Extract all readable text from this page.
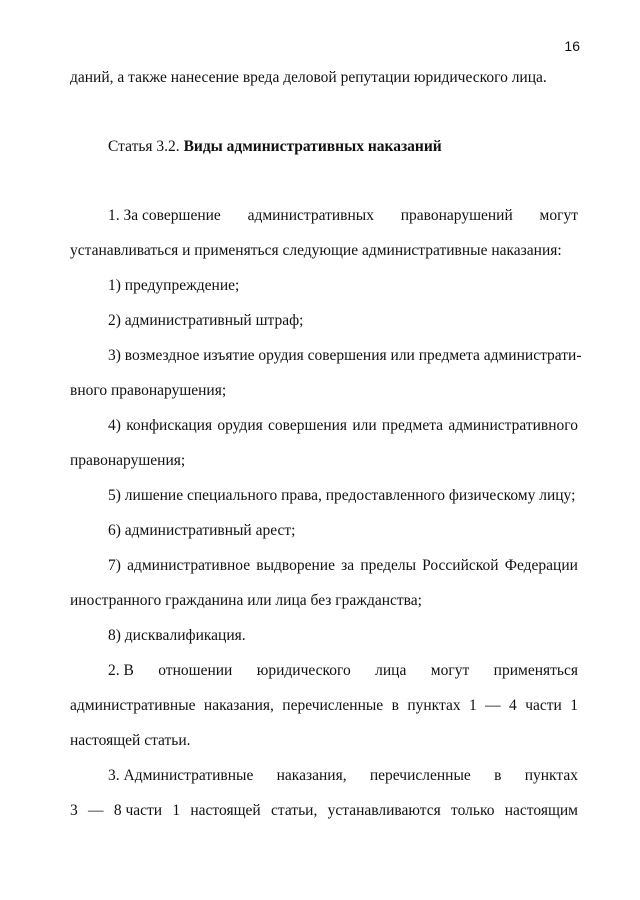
16
даний, а также нанесение вреда деловой репутации юридического лица.
Статья 3.2. Виды административных наказаний
1. За совершение административных правонарушений могут
устанавливаться и применяться следующие административные наказания:
1) предупреждение;
2) административный штраф;
3) возмездное изъятие орудия совершения или предмета администрати-
вного правонарушения;
4) конфискация орудия совершения или предмета административного
правонарушения;
5) лишение специального права, предоставленного физическому лицу;
6) административный арест;
7) административное выдворение за пределы Российской Федерации
иностранного гражданина или лица без гражданства;
8) дисквалификация.
2. В отношении юридического лица могут применяться
административные наказания, перечисленные в пунктах 1 — 4 части 1
настоящей статьи.
3. Административные наказания, перечисленные в пунктах
3 — 8 части 1 настоящей статьи, устанавливаются только настоящим
